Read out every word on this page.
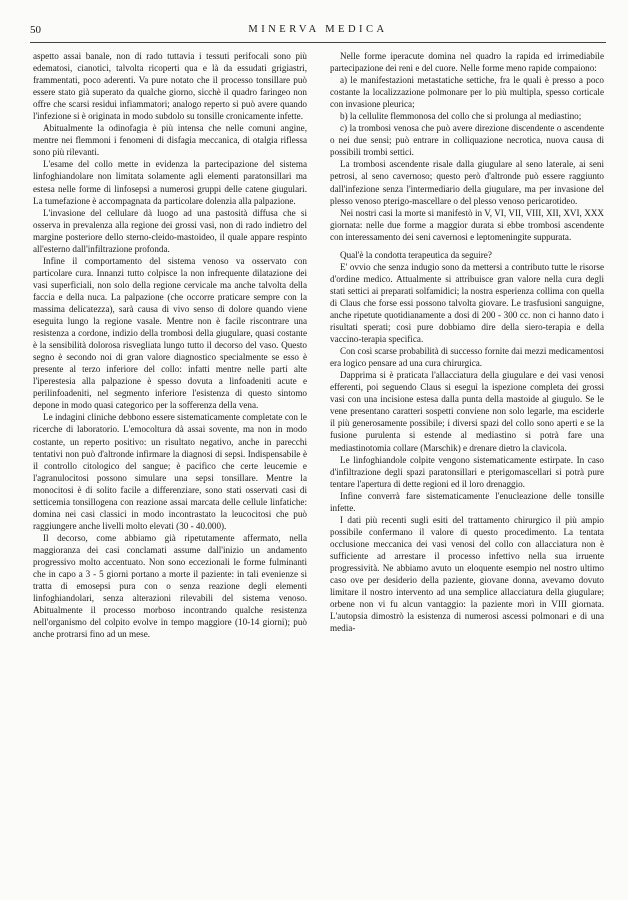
50	MINERVA MEDICA

aspetto assai banale, non di rado tuttavia i tessuti perifocali sono più edematosi, cianotici, talvolta ricoperti qua e là da essudati grigiastri, frammentati, poco aderenti. Va pure notato che il processo tonsillare può essere stato già superato da qualche giorno, sicchè il quadro faringeo non offre che scarsi residui infiammatori; analogo reperto si può avere quando l'infezione si è originata in modo subdolo su tonsille cronicamente infette.

Abitualmente la odinofagia è più intensa che nelle comuni angine, mentre nei flemmoni i fenomeni di disfagia meccanica, di otalgia riflessa sono più rilevanti.

L'esame del collo mette in evidenza la partecipazione del sistema linfoghiandolare non limitata solamente agli elementi paratonsillari ma estesa nelle forme di linfosepsi a numerosi gruppi delle catene giugulari. La tumefazione è accompagnata da particolare dolenzia alla palpazione.

L'invasione del cellulare dà luogo ad una pastosità diffusa che si osserva in prevalenza alla regione dei grossi vasi, non di rado indietro del margine posteriore dello sterno-cleido-mastoideo, il quale appare respinto all'esterno dall'infiltrazione profonda.

Infine il comportamento del sistema venoso va osservato con particolare cura. Innanzi tutto colpisce la non infrequente dilatazione dei vasi superficiali, non solo della regione cervicale ma anche talvolta della faccia e della nuca. La palpazione (che occorre praticare sempre con la massima delicatezza), sarà causa di vivo senso di dolore quando viene eseguita lungo la regione vasale. Mentre non è facile riscontrare una resistenza a cordone, indizio della trombosi della giugulare, quasi costante è la sensibilità dolorosa risvegliata lungo tutto il decorso del vaso. Questo segno è secondo noi di gran valore diagnostico specialmente se esso è presente al terzo inferiore del collo: infatti mentre nelle parti alte l'iperestesia alla palpazione è spesso dovuta a linfoadeniti acute e perilinfoadeniti, nel segmento inferiore l'esistenza di questo sintomo depone in modo quasi categorico per la sofferenza della vena.

Le indagini cliniche debbono essere sistematicamente completate con le ricerche di laboratorio. L'emocoltura dà assai sovente, ma non in modo costante, un reperto positivo: un risultato negativo, anche in parecchi tentativi non può d'altronde infirmare la diagnosi di sepsi. Indispensabile è il controllo citologico del sangue; è pacifico che certe leucemie e l'agranulocitosi possono simulare una sepsi tonsillare. Mentre la monocitosi è di solito facile a differenziare, sono stati osservati casi di setticemia tonsillogena con reazione assai marcata delle cellule linfatiche: domina nei casi classici in modo incontrastato la leucocitosi che può raggiungere anche livelli molto elevati (30 - 40.000).

Il decorso, come abbiamo già ripetutamente affermato, nella maggioranza dei casi conclamati assume dall'inizio un andamento progressivo molto accentuato. Non sono eccezionali le forme fulminanti che in capo a 3 - 5 giorni portano a morte il paziente: in tali evenienze si tratta di emosepsi pura con o senza reazione degli elementi linfoghiandolari, senza alterazioni rilevabili del sistema venoso. Abitualmente il processo morboso incontrando qualche resistenza nell'organismo del colpito evolve in tempo maggiore (10-14 giorni); può anche protrarsi fino ad un mese.

Nelle forme iperacute domina nel quadro la rapida ed irrimediabile partecipazione dei reni e del cuore. Nelle forme meno rapide compaiono:

a) le manifestazioni metastatiche settiche, fra le quali è presso a poco costante la localizzazione polmonare per lo più multipla, spesso corticale con invasione pleurica;

b) la cellulite flemmonosa del collo che si prolunga al mediastino;

c) la trombosi venosa che può avere direzione discendente o ascendente o nei due sensi; può entrare in colliquazione necrotica, nuova causa di possibili trombi settici.

La trombosi ascendente risale dalla giugulare al seno laterale, ai seni petrosi, al seno cavernoso; questo però d'altronde può essere raggiunto dall'infezione senza l'intermediario della giugulare, ma per invasione del plesso venoso pterigo-mascellare o del plesso venoso pericarotideo.

Nei nostri casi la morte si manifestò in V, VI, VII, VIII, XII, XVI, XXX giornata: nelle due forme a maggior durata si ebbe trombosi ascendente con interessamento dei seni cavernosi e leptomeningite suppurata.

Qual'è la condotta terapeutica da seguire?

E' ovvio che senza indugio sono da mettersi a contributo tutte le risorse d'ordine medico. Attualmente si attribuisce gran valore nella cura degli stati settici ai preparati solfamidici; la nostra esperienza collima con quella di Claus che forse essi possono talvolta giovare. Le trasfusioni sanguigne, anche ripetute quotidianamente a dosi di 200 - 300 cc. non ci hanno dato i risultati sperati; così pure dobbiamo dire della siero-terapia e della vaccino-terapia specifica.

Con così scarse probabilità di successo fornite dai mezzi medicamentosi era logico pensare ad una cura chirurgica.

Dapprima si è praticata l'allacciatura della giugulare e dei vasi venosi efferenti, poi seguendo Claus si eseguì la ispezione completa dei grossi vasi con una incisione estesa dalla punta della mastoide al giugulo. Se le vene presentano caratteri sospetti conviene non solo legarle, ma esciderle il più generosamente possibile; i diversi spazi del collo sono aperti e se la fusione purulenta si estende al mediastino si potrà fare una mediastinotomia collare (Marschik) e drenare dietro la clavicola.

Le linfoghiandole colpite vengono sistematicamente estirpate. In caso d'infiltrazione degli spazi paratonsillari e pterigomascellari si potrà pure tentare l'apertura di dette regioni ed il loro drenaggio.

Infine converrà fare sistematicamente l'enucleazione delle tonsille infette.

I dati più recenti sugli esiti del trattamento chirurgico il più ampio possibile confermano il valore di questo procedimento. La tentata occlusione meccanica dei vasi venosi del collo con allacciatura non è sufficiente ad arrestare il processo infettivo nella sua irruente progressività. Ne abbiamo avuto un eloquente esempio nel nostro ultimo caso ove per desiderio della paziente, giovane donna, avevamo dovuto limitare il nostro intervento ad una semplice allacciatura della giugulare; orbene non vi fu alcun vantaggio: la paziente morì in VIII giornata. L'autopsia dimostrò la esistenza di numerosi ascessi polmonari e di una media-
